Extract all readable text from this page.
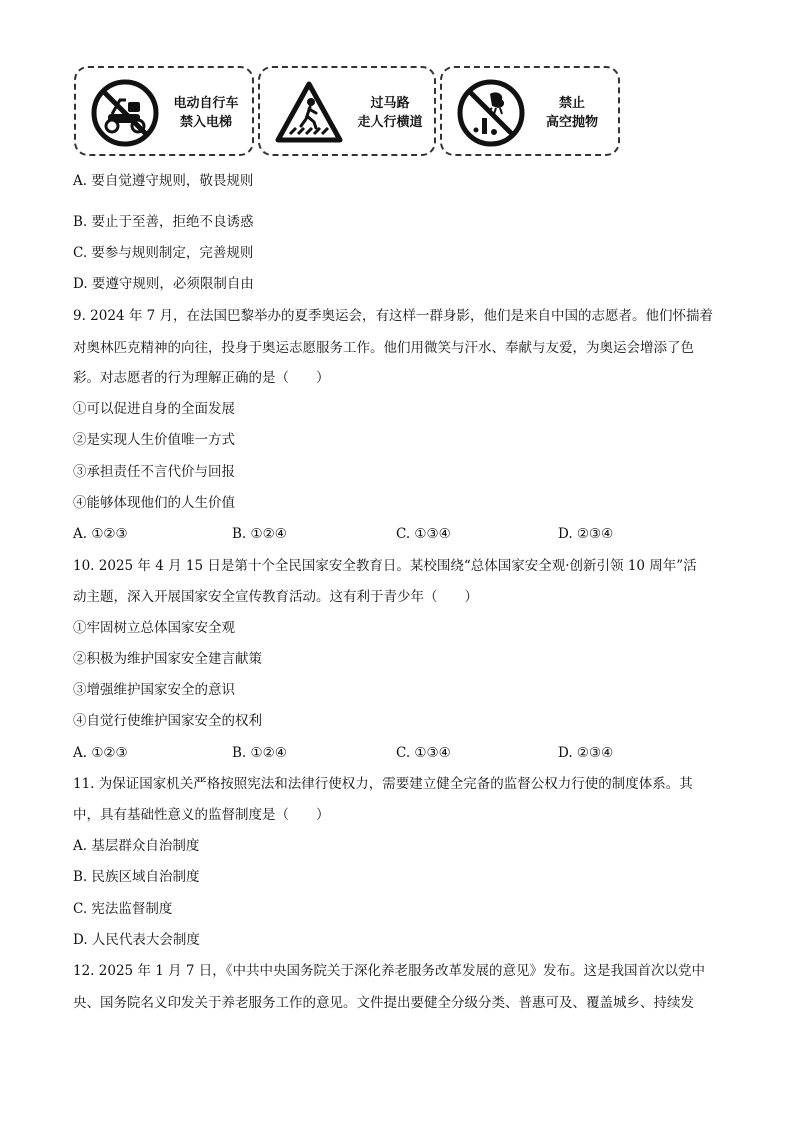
电动自行车
禁入电梯
过马路
走人行横道
禁止
高空抛物
A. 要自觉遵守规则，敬畏规则
B. 要止于至善，拒绝不良诱惑
C. 要参与规则制定，完善规则
D. 要遵守规则，必须限制自由
9. 2024 年 7 月，在法国巴黎举办的夏季奥运会，有这样一群身影，他们是来自中国的志愿者。他们怀揣着
对奥林匹克精神的向往，投身于奥运志愿服务工作。他们用微笑与汗水、奉献与友爱，为奥运会增添了色
彩。对志愿者的行为理解正确的是（　　）
①可以促进自身的全面发展
②是实现人生价值唯一方式
③承担责任不言代价与回报
④能够体现他们的人生价值
A. ①②③	B. ①②④	C. ①③④	D. ②③④
10. 2025 年 4 月 15 日是第十个全民国家安全教育日。某校围绕“总体国家安全观·创新引领 10 周年”活
动主题，深入开展国家安全宣传教育活动。这有利于青少年（　　）
①牢固树立总体国家安全观
②积极为维护国家安全建言献策
③增强维护国家安全的意识
④自觉行使维护国家安全的权利
A. ①②③	B. ①②④	C. ①③④	D. ②③④
11. 为保证国家机关严格按照宪法和法律行使权力，需要建立健全完备的监督公权力行使的制度体系。其
中，具有基础性意义的监督制度是（　　）
A. 基层群众自治制度
B. 民族区域自治制度
C. 宪法监督制度
D. 人民代表大会制度
12. 2025 年 1 月 7 日，《中共中央国务院关于深化养老服务改革发展的意见》发布。这是我国首次以党中
央、国务院名义印发关于养老服务工作的意见。文件提出要健全分级分类、普惠可及、覆盖城乡、持续发
